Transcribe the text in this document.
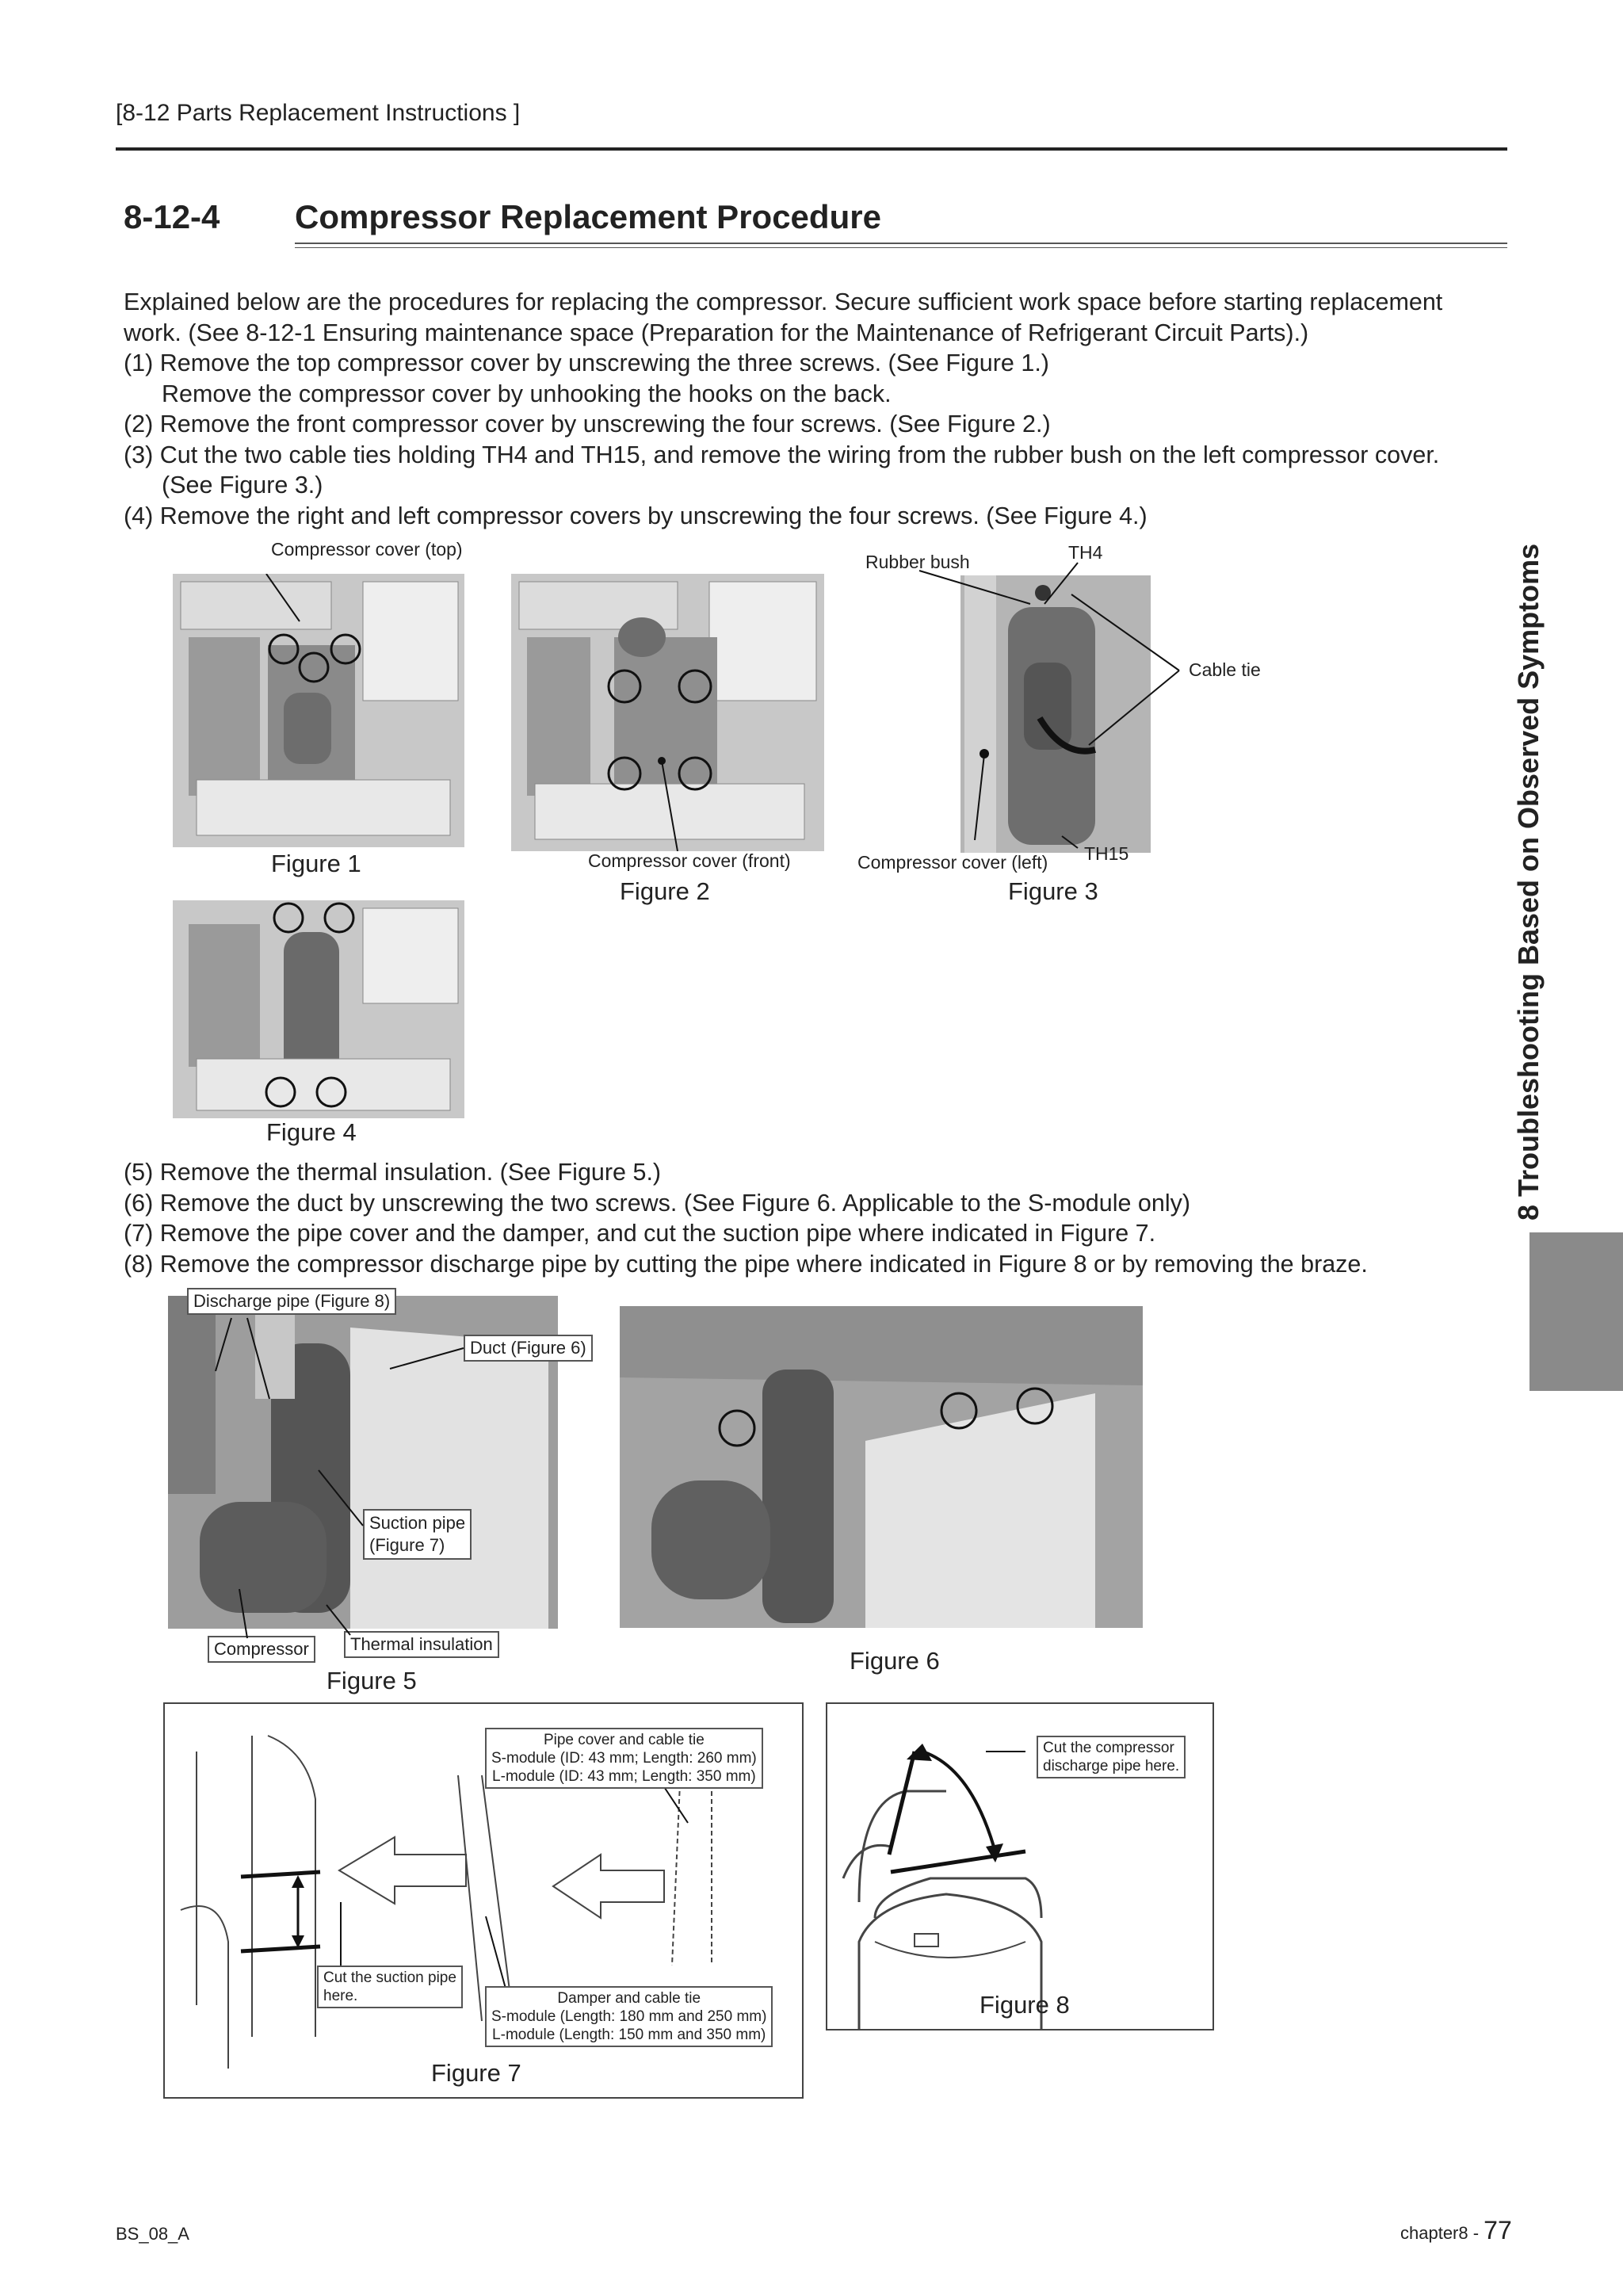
[8-12 Parts Replacement Instructions ]
8-12-4 Compressor Replacement Procedure
Explained below are the procedures for replacing the compressor. Secure sufficient work space before starting replacement
work. (See 8-12-1 Ensuring maintenance space (Preparation for the Maintenance of Refrigerant Circuit Parts).)
(1) Remove the top compressor cover by unscrewing the three screws. (See Figure 1.)
Remove the compressor cover by unhooking the hooks on the back.
(2) Remove the front compressor cover by unscrewing the four screws. (See Figure 2.)
(3) Cut the two cable ties holding TH4 and TH15, and remove the wiring from the rubber bush on the left compressor cover.
(See Figure 3.)
(4) Remove the right and left compressor covers by unscrewing the four screws. (See Figure 4.)
Compressor cover (top)
Figure 1	Compressor cover (front)
Figure 2
Rubber bush	TH4
Cable tie
Compressor cover (left) TH15
Figure 3
Figure 4
(5) Remove the thermal insulation. (See Figure 5.)
(6) Remove the duct by unscrewing the two screws. (See Figure 6. Applicable to the S-module only)
(7) Remove the pipe cover and the damper, and cut the suction pipe where indicated in Figure 7.
(8) Remove the compressor discharge pipe by cutting the pipe where indicated in Figure 8 or by removing the braze.
Discharge pipe (Figure 8)
Duct (Figure 6)
Suction pipe
(Figure 7)
Compressor	Thermal insulation
Figure 5
Figure 6
Pipe cover and cable tie
S-module (ID: 43 mm; Length: 260 mm)
L-module (ID: 43 mm; Length: 350 mm)
Cut the suction pipe
here.	Damper and cable tie
S-module (Length: 180 mm and 250 mm)
L-module (Length: 150 mm and 350 mm)
Figure 7
Cut the compressor
discharge pipe here.
Figure 8
8 Troubleshooting Based on Observed Symptoms
BS_08_A	chapter8 - 77
